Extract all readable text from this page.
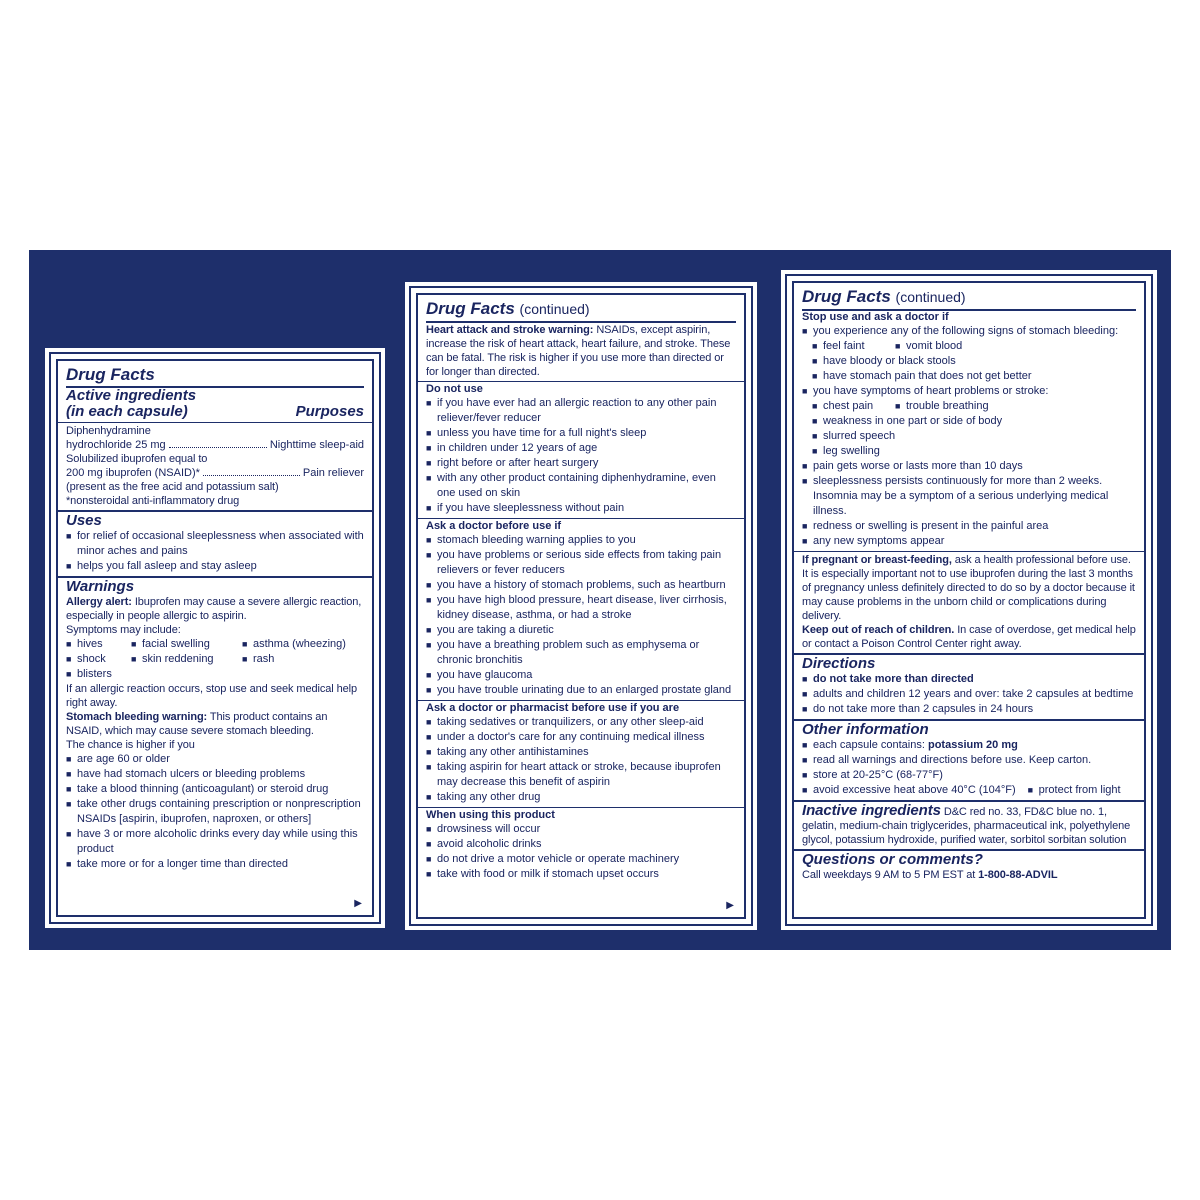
Drug Facts
Active ingredients
(in each capsule)	Purposes
Diphenhydramine
hydrochloride 25 mg	Nighttime sleep-aid
Solubilized ibuprofen equal to
200 mg ibuprofen (NSAID)*	Pain reliever
(present as the free acid and potassium salt)
*nonsteroidal anti-inflammatory drug
Uses
■ for relief of occasional sleeplessness when associated with minor aches and pains
■ helps you fall asleep and stay asleep
Warnings
Allergy alert: Ibuprofen may cause a severe allergic reaction, especially in people allergic to aspirin.
Symptoms may include:
■ hives	■ facial swelling	■ asthma (wheezing)
■ shock	■ skin reddening	■ rash
■ blisters
If an allergic reaction occurs, stop use and seek medical help right away.
Stomach bleeding warning: This product contains an NSAID, which may cause severe stomach bleeding.
The chance is higher if you
■ are age 60 or older
■ have had stomach ulcers or bleeding problems
■ take a blood thinning (anticoagulant) or steroid drug
■ take other drugs containing prescription or nonprescription NSAIDs [aspirin, ibuprofen, naproxen, or others]
■ have 3 or more alcoholic drinks every day while using this product
■ take more or for a longer time than directed
▶
Drug Facts (continued)
Heart attack and stroke warning: NSAIDs, except aspirin, increase the risk of heart attack, heart failure, and stroke. These can be fatal. The risk is higher if you use more than directed or for longer than directed.
Do not use
■ if you have ever had an allergic reaction to any other pain reliever/fever reducer
■ unless you have time for a full night's sleep
■ in children under 12 years of age
■ right before or after heart surgery
■ with any other product containing diphenhydramine, even one used on skin
■ if you have sleeplessness without pain
Ask a doctor before use if
■ stomach bleeding warning applies to you
■ you have problems or serious side effects from taking pain relievers or fever reducers
■ you have a history of stomach problems, such as heartburn
■ you have high blood pressure, heart disease, liver cirrhosis, kidney disease, asthma, or had a stroke
■ you are taking a diuretic
■ you have a breathing problem such as emphysema or chronic bronchitis
■ you have glaucoma
■ you have trouble urinating due to an enlarged prostate gland
Ask a doctor or pharmacist before use if you are
■ taking sedatives or tranquilizers, or any other sleep-aid
■ under a doctor's care for any continuing medical illness
■ taking any other antihistamines
■ taking aspirin for heart attack or stroke, because ibuprofen may decrease this benefit of aspirin
■ taking any other drug
When using this product
■ drowsiness will occur
■ avoid alcoholic drinks
■ do not drive a motor vehicle or operate machinery
■ take with food or milk if stomach upset occurs
▶
Drug Facts (continued)
Stop use and ask a doctor if
■ you experience any of the following signs of stomach bleeding:
■ feel faint	■ vomit blood
■ have bloody or black stools
■ have stomach pain that does not get better
■ you have symptoms of heart problems or stroke:
■ chest pain	■ trouble breathing
■ weakness in one part or side of body
■ slurred speech
■ leg swelling
■ pain gets worse or lasts more than 10 days
■ sleeplessness persists continuously for more than 2 weeks. Insomnia may be a symptom of a serious underlying medical illness.
■ redness or swelling is present in the painful area
■ any new symptoms appear
If pregnant or breast-feeding, ask a health professional before use. It is especially important not to use ibuprofen during the last 3 months of pregnancy unless definitely directed to do so by a doctor because it may cause problems in the unborn child or complications during delivery.
Keep out of reach of children. In case of overdose, get medical help or contact a Poison Control Center right away.
Directions
■ do not take more than directed
■ adults and children 12 years and over: take 2 capsules at bedtime
■ do not take more than 2 capsules in 24 hours
Other information
■ each capsule contains: potassium 20 mg
■ read all warnings and directions before use. Keep carton.
■ store at 20-25°C (68-77°F)
■ avoid excessive heat above 40°C (104°F)	■ protect from light
Inactive ingredients D&C red no. 33, FD&C blue no. 1, gelatin, medium-chain triglycerides, pharmaceutical ink, polyethylene glycol, potassium hydroxide, purified water, sorbitol sorbitan solution
Questions or comments?
Call weekdays 9 AM to 5 PM EST at 1-800-88-ADVIL
